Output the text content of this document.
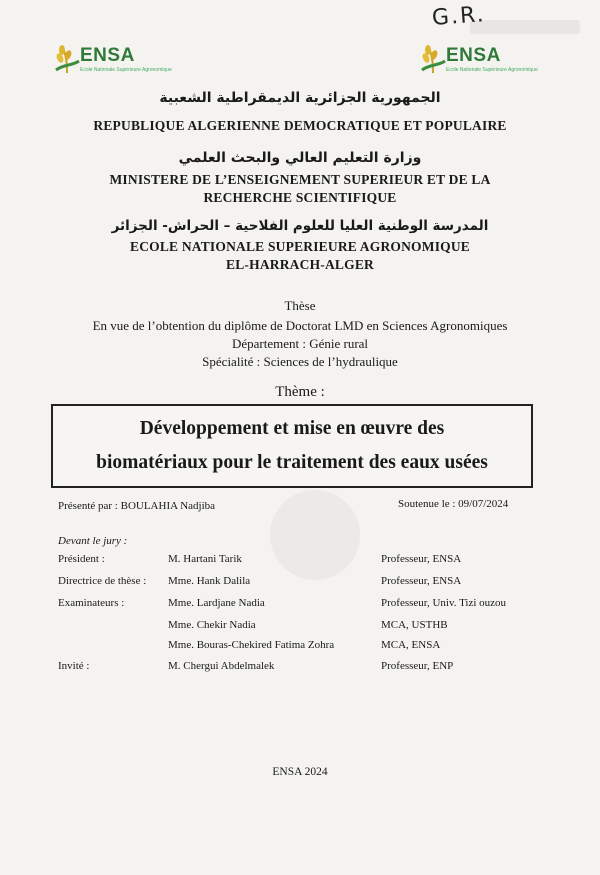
G.R.
ENSA
Ecole Nationale Supérieure Agronomique
ENSA
Ecole Nationale Supérieure Agronomique
الجمهورية الجزائرية الديمقراطية الشعبية
REPUBLIQUE ALGERIENNE DEMOCRATIQUE ET POPULAIRE
وزارة التعليم العالي والبحث العلمي
MINISTERE DE L’ENSEIGNEMENT SUPERIEUR ET DE LA
RECHERCHE SCIENTIFIQUE
المدرسة الوطنية العليا للعلوم الفلاحية – الحراش- الجزائر
ECOLE NATIONALE SUPERIEURE AGRONOMIQUE
EL-HARRACH-ALGER
Thèse
En vue de l’obtention du diplôme de Doctorat LMD en Sciences Agronomiques
Département : Génie rural
Spécialité : Sciences de l’hydraulique
Thème :
Développement et mise en œuvre des
biomatériaux pour le traitement des eaux usées
Présenté par : BOULAHIA Nadjiba	Soutenue le : 09/07/2024
Devant le jury :
Président :	M. Hartani Tarik	Professeur, ENSA
Directrice de thèse : Mme. Hank Dalila	Professeur, ENSA
Examinateurs :	Mme. Lardjane Nadia	Professeur, Univ. Tizi ouzou
Mme. Chekir Nadia	MCA, USTHB
Mme. Bouras-Chekired Fatima Zohra	MCA, ENSA
Invité :	M. Chergui Abdelmalek	Professeur, ENP
ENSA 2024
